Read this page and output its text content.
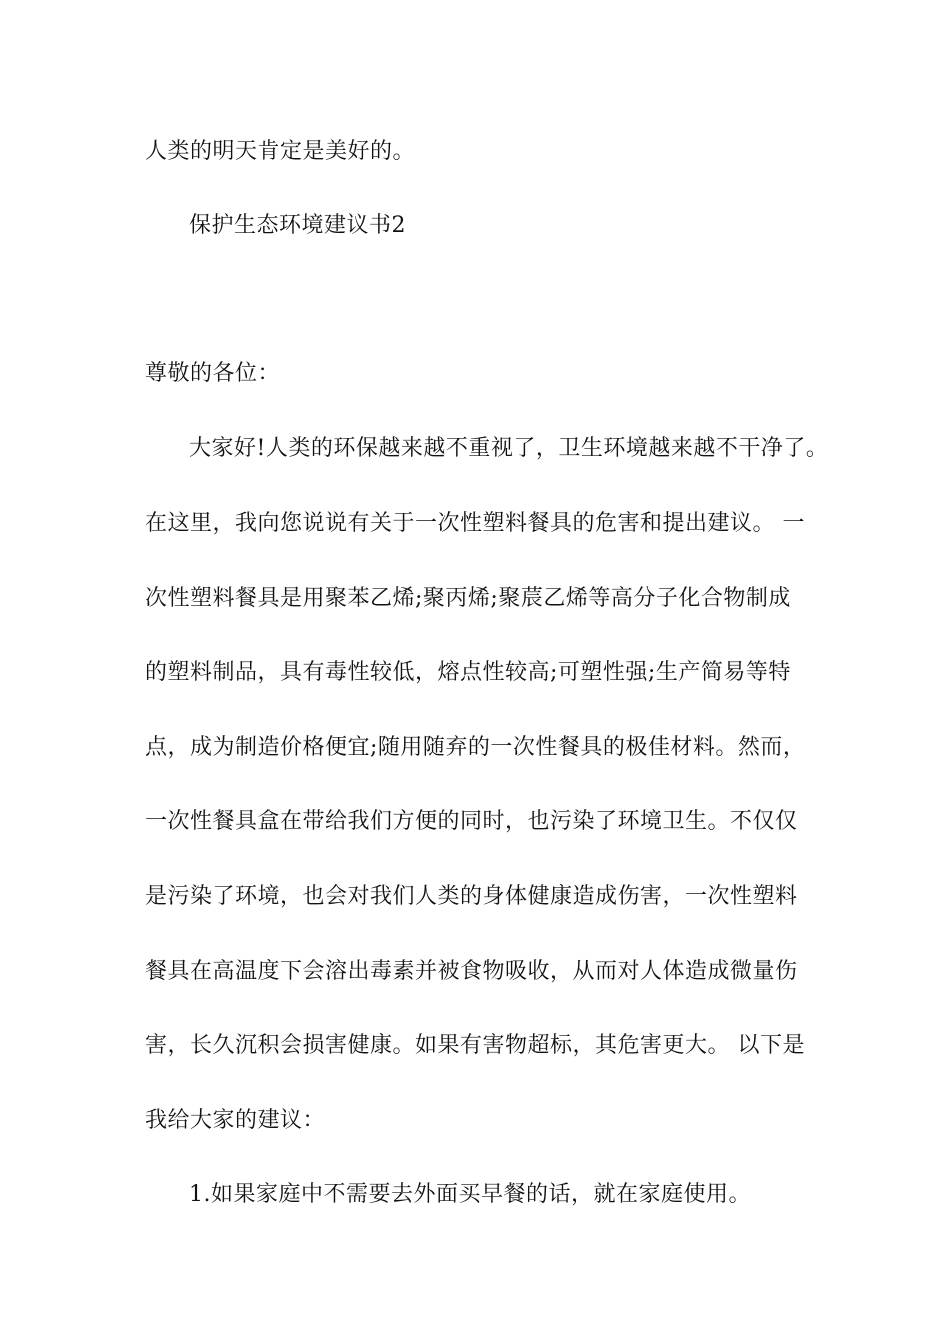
人类的明天肯定是美好的。
保护生态环境建议书2
尊敬的各位：
大家好!人类的环保越来越不重视了，卫生环境越来越不干净了。
在这里，我向您说说有关于一次性塑料餐具的危害和提出建议。 一
次性塑料餐具是用聚苯乙烯;聚丙烯;聚莀乙烯等高分子化合物制成
的塑料制品，具有毒性较低，熔点性较高;可塑性强;生产简易等特
点，成为制造价格便宜;随用随弃的一次性餐具的极佳材料。然而，
一次性餐具盒在带给我们方便的同时，也污染了环境卫生。不仅仅
是污染了环境，也会对我们人类的身体健康造成伤害，一次性塑料
餐具在高温度下会溶出毒素并被食物吸收，从而对人体造成微量伤
害，长久沉积会损害健康。如果有害物超标，其危害更大。 以下是
我给大家的建议：
1.如果家庭中不需要去外面买早餐的话，就在家庭使用。
